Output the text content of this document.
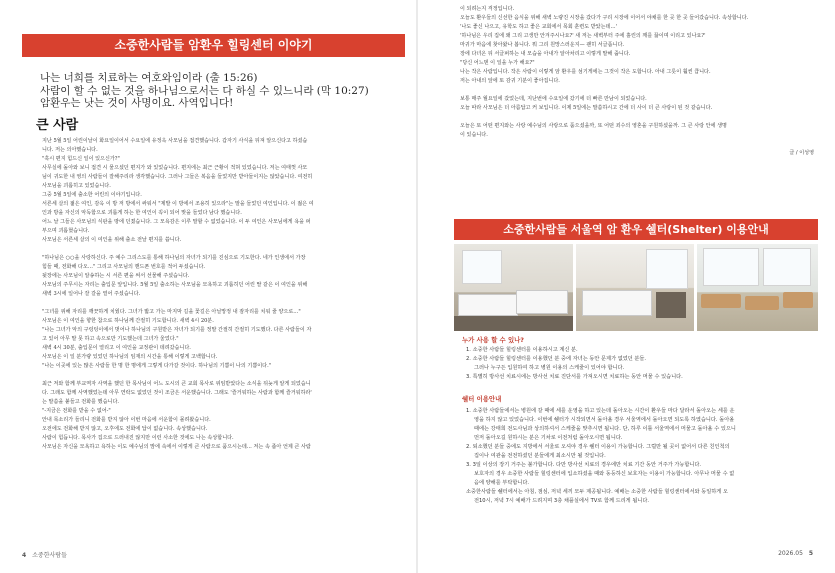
소중한사람들 암환우 힐링센터 이야기
나는 너희를 치료하는 여호와임이라 (출 15:26)
사람이 할 수 없는 것을 하나님으로서는 다 하실 수 있느니라 (막 10:27)
암환우는 낫는 것이 사명이요. 사역입니다!
큰 사람

지난 5월 5일 어린이날이 화요일이어서 수요일에 유정옥 사모님을 접견했습니다. 갑자기 사식을 뒤져 알으신다고 하셨습

니다. 저는 의아했습니다.

"혹시 편지 힘드신 일이 있으신가?"

사무실에 돌아와 보니 접견 시 물으셨던 편지가 와 있었습니다. 편지에는 최근 근황이 적혀 있었습니다. 저는 여태껏 사모

님이 귀도한 내 영의 사람들이 잘해주리라 생각했습니다. 그러나 그들은 복음을 들었지만 받아들이지는 않았습니다. 여전히

사모님을 괴롭히고 있었습니다.

그중 5월 5일에 출소한 어린의 이야기입니다.

서른세 살의 젊은 여인, 감옥 이 방 저 방에서 싸워서 "제발 이 방에서 조용히 있으라"는 말을 들었던 여인입니다. 이 젊은 여

인과 방을 자신의 악독함으로 괴롭게 하는 한 여인이 꼭이 되어 맞을 들었다 남다 했습니다.

어느 날 그들은 사모님의 식판을 땅에 던졌습니다. 그 모욕감은 이루 말할 수 없었습니다. 이 두 여인은 사모님에게 욕을 퍼

부으며 괴롭혔습니다.

사모님은 서른세 살의 이 여인을 위해 출소 전날 편지를 씁니다.

"하나님은 ○○을 사랑하신다. 주 예수 그리스도를 통해 하나님의 자녀가 되기를 진심으로 기도한다. 네가 인생에서 가장

힘들 때, 전화해 다오…" 그리고 사모님의 핸드폰 번호를 적어 두셨습니다.

뒷장에는 사모님이 알송하는 시 서른 편을 써서 선물해 주셨습니다.

사모님의 주무시는 자리는 출입문 앞입니다. 5월 5일 출소하는 사모님을 모욕하고 괴롭히던 어린 딸 같은 이 여인을 위해

새벽 3시에 일어나 잘 갈을 열어 주셨습니다.

"그녀를 위해 자리를 깨끗하게 치웠다. 그녀가 밟고 가는 마지막 길을 꽃길은 아닐망정 내 잠자리를 치워 줄 양으로…"

사모님은 이 여인을 향한 참으로 하나님께 간절히 기도합니다. 새벽 4시 20분.

"나는 그녀가 악의 구렁텅이에서 벗어나 하나님의 구원받은 자녀가 되기를 정말 간절히 간절히 기도했다. 다른 사람들이 자

고 있어 아무 말 못 하고 속으로만 기도했는데 그녀가 울었다."

새벽 4시 30분, 출입문이 열리고 이 여인을 교정관이 데려갔습니다.

사모님은 이 일 분가량 있었던 하나님의 임재의 시간을 통해 이렇게 고백합니다.

"나는 이곳에 있는 많은 사람들 한 명 한 명에게 그렇게 다가갈 것이다. 하나님의 기쁨이 나의 기쁨이다."

최근 저와 함께 부교역자 사역을 했던 한 목사님이 어느 도시의 큰 교회 목사로 위임받았다는 소식을 뒤늦게 알게 되었습니

다. 그래도 함께 사역했었는데 아무 연락도 없었던 것이 조금은 서운했습니다. 그래도 '즐거워하는 사람과 함께 즐거워하라'

는 말씀을 붙들고 전화를 했습니다.

"-지금은 전화를 받을 수 없어-"

안내 목소리가 들리니 전화를 받지 않아 이번 마음에 서운함이 몰려왔습니다.

오전에도 전화해 받지 않고, 오후에도 전화에 답이 없습니다. 속상했습니다.

사람이 힘듭니다. 목사가 집으로 드러내진 않지만 이런 사소한 것에도 나는 속상합니다.

사모님은 자신을 모욕하고 욕하는 이도 예수님의 맘에 속에서 이렇게 큰 사람으로 품으시는데… 저는 속 좁아 언제 큰 사람

4 소중한사람들

이 되려는지 걱정입니다.

오늘도 환우들의 신선한 음식을 위해 새벽 노량진 시장을 갔다가 구리 시장에 이어서 야채를 한 곳 한 곳 들어갔습니다. 속상합니다.

'나도 좋신 나으고, 유학도 하고 좋은 교회에서 목회 훈련도 받았는데…'

'하나님은 우리 집에 왜 그리 고생만 안겨주시나요?' 새 저는 새벽부터 주에 흘린의 깨를 끓이며 이리고 있나요?'

마귀가 마음에 찾아왔나 봅니다. 뭐 그리 원망스러운지— 괜히 서글픕니다.

장에 다녀온 뒤 서글퍼하는 내 모습을 아내가 알아차리고 이렇게 말해 줍니다.

"당신 어느덴 이 일을 누가 해요?"

나는 작은 사람입니다. 작은 사람이 이렇게 암 환우를 섬기게에는 그것이 작은 도합니다. 아내 그릇이 훨씬 큽니다.

저는 아내의 앞에 또 감귀 기분이 좋아집니다.

보통 매주 월요일에 갔었는데, 지난번에 수요일에 갔기에 더 빠른 만남이 되었습니다.

오늘 따라 사모님은 더 아름답고 커 보입니다. 이제 5일에는 말씀하시고 간에 더 사이 더 큰 사랑이 된 것 같습니다.

오늘은 또 어떤 편지와는 사랑 예수님의 사랑으로 품으셨을까, 또 어떤 죄수의 영혼을 구원하셨을까. 그 큰 사랑 안에 생명

이 있습니다.

글 / 이성영

소중한사람들 서울역 암 환우 쉘터(Shelter) 이용안내
누가 사용 할 수 있나?
1. 소중한 사람들 힐링센터를 이용하시고 계신 분.
2. 소중한 사람들 힐링센터를 이용했던 분 중에 자녀는 동안 문제가 없었던 분들.
그러나 누구든 입원하여 하고 병원 이용의 스케줄이 있어야 합니다.
3. 특별히 방사선 치료시에는 방사선 치료 진단서를 가져오시면 치료하는 동안 머물 수 있습니다.
쉘터 이용안내
1. 소중한 사람들에서는 병원에 갈 때에 세를 운영을 하고 있는데 돌아오는 시간이 환우들 마다 달라서 돌아오는 세를 운
영을 하지 않고 있었습니다. 이번에 쉘터가 시작되면서 돌아올 경우 서울역에서 돌아오면 되도록 하였습니다. 돌아올
때에는 강태희 전도사님과 상의하셔서 스케줄을 맞추시면 됩니다. 단, 하루 이틀 서울역에서 머물고 돌아올 수 있으니
먼저 돌아오길 원하시는 분은 기차로 이전처럼 돌아오시면 됩니다.
2. 퇴소했던 분들 중에도 지방에서 서울로 오셔야 경우 쉘터 이용이 가능합니다. 그럴만 될 곳이 없어서 다른 친인척의
집이나 여관을 전전하셨던 분들에게 최소시만 될 것입니다.
3. 3일 이상의 장기 거주는 불가합니다. 다만 방사선 치료의 경우에만 치료 기간 동안 거주가 가능합니다.
보호자의 경우 소중한 사람들 힐링센터에 입소하셨을 때와 동등하신 보호자는 이용이 가능합니다. 아무나 머물 수 없
음에 양해를 부탁합니다.
소중한사람들 쉘터에서는 아침, 점심, 저녁 세끼 모두 제공됩니다. 예배는 소중한 사람들 힐링센터에서와 동일하게 오
전10시, 저녁 7시 예배가 드려지며 3층 채플실에서 TV로 함께 드리게 됩니다.
2026.05 5
